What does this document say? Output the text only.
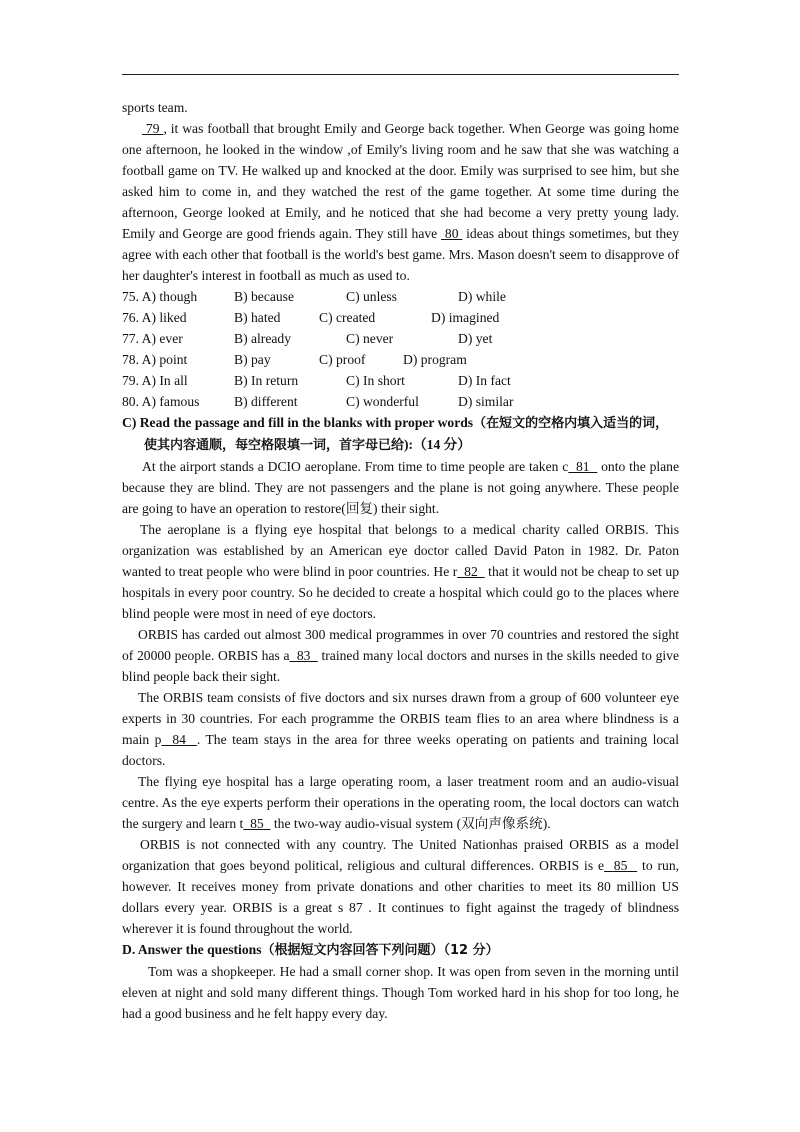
sports team.

79 , it was football that brought Emily and George back together. When George was going home one afternoon, he looked in the window ,of Emily's living room and he saw that she was watching a football game on TV. He walked up and knocked at the door. Emily was surprised to see him, but she asked him to come in, and they watched the rest of the game together. At some time during the afternoon, George looked at Emily, and he noticed that she had become a very pretty young lady. Emily and George are good friends again. They still have  80  ideas about things sometimes, but they agree with each other that football is the world's best game. Mrs. Mason doesn't seem to disapprove of her daughter's interest in football as much as used to.

75. A) though	B) because	C) unless	D) while
76. A) liked	B) hated	C) created	D) imagined
77. A) ever	B) already	C) never	D) yet
78. A) point	B) pay	C) proof	D) program
79. A) In all	B) In return	C) In short	D) In fact
80. A) famous	B) different	C) wonderful	D) similar

C) Read the passage and fill in the blanks with proper words（在短文的空格内填入适当的词，

使其内容通顺，每空格限填一词，首字母已给):（14 分）

At the airport stands a DCIO aeroplane. From time to time people are taken c 81   onto the plane because they are blind. They are not passengers and the plane is not going anywhere. These people are going to have an operation to restore(回复) their sight.

The aeroplane is a flying eye hospital that belongs to a medical charity called ORBIS. This organization was established by an American eye doctor called David Paton in 1982. Dr. Paton wanted to treat people who were blind in poor countries. He r 82   that it would not be cheap to set up hospitals in every poor country. So he decided to create a hospital which could go to the places where blind people were most in need of eye doctors.

ORBIS has carded out almost 300 medical programmes in over 70 countries and restored the sight of 20000 people. ORBIS has a 83   trained many local doctors and nurses in the skills needed to give blind people back their sight.

The ORBIS team consists of five doctors and six nurses drawn from a group of 600 volunteer eye experts in 30 countries. For each programme the ORBIS team flies to an area where blindness is a main p 84 . The team stays in the area for three weeks operating on patients and training local doctors.

The flying eye hospital has a large operating room, a laser treatment room and an audio-visual centre. As the eye experts perform their operations in the operating room, the local doctors can watch the surgery and learn t 85   the two-way audio-visual system (双向声像系统).

ORBIS is not connected with any country. The United Nationhas praised ORBIS as a model organization that goes beyond political, religious and cultural differences. ORBIS is e 85   to run, however. It receives money from private donations and other charities to meet its 80 million US dollars every year. ORBIS is a great s 87 . It continues to fight against the tragedy of blindness wherever it is found throughout the world.

D. Answer the questions（根据短文内容回答下列问题）（12 分）

Tom was a shopkeeper. He had a small corner shop. It was open from seven in the morning until eleven at night and sold many different things. Though Tom worked hard in his shop for too long, he had a good business and he felt happy every day.
